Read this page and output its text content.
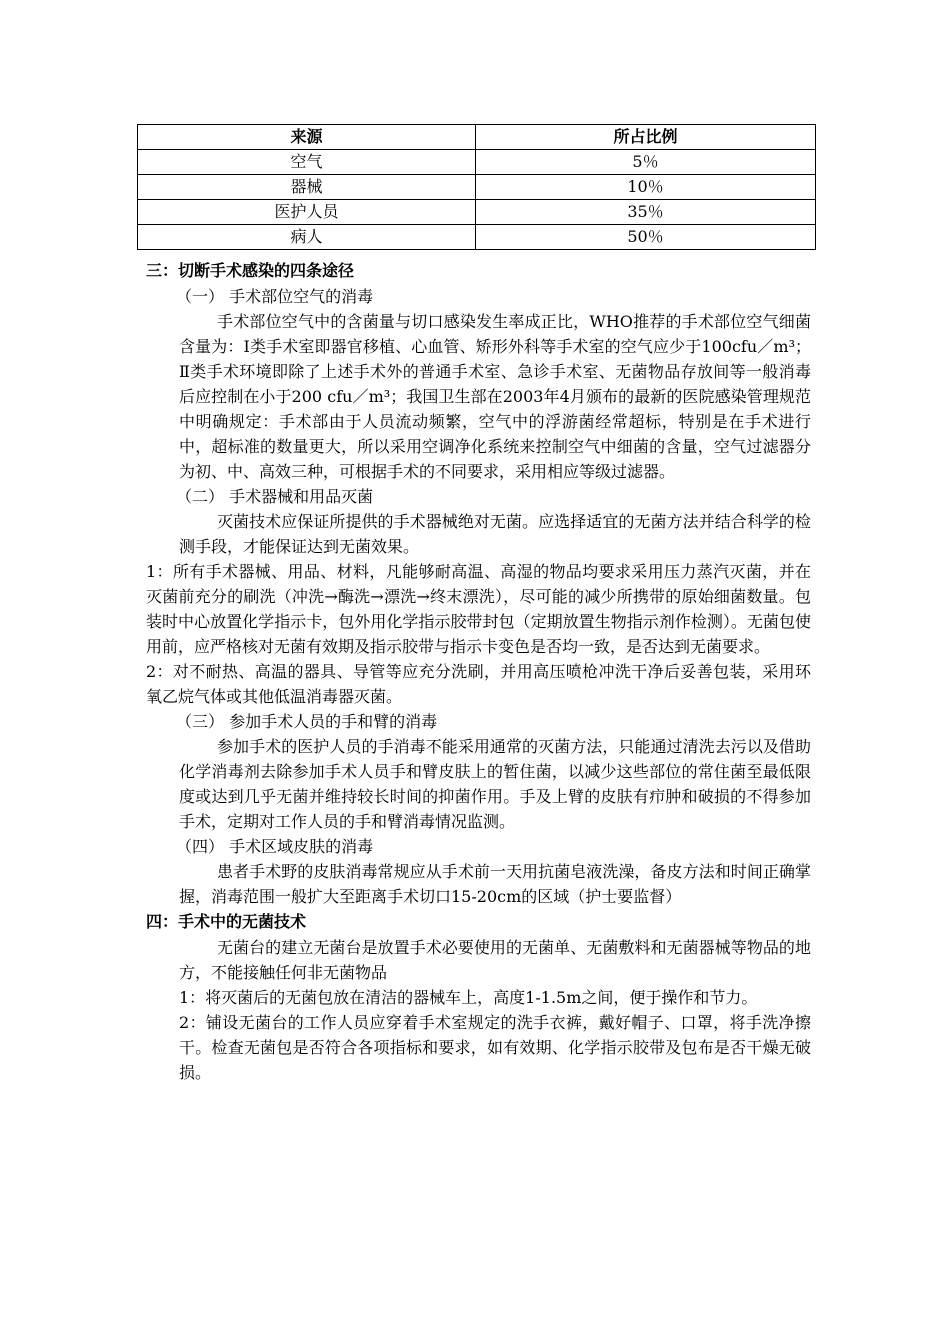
来源	所占比例
空气	5％
器械	10％
医护人员	35％
病人	50％

三：切断手术感染的四条途径

（一） 手术部位空气的消毒

手术部位空气中的含菌量与切口感染发生率成正比，WHO推荐的手术部位空气细菌含量为：Ⅰ类手术室即器官移植、心血管、矫形外科等手术室的空气应少于100cfu／m³；Ⅱ类手术环境即除了上述手术外的普通手术室、急诊手术室、无菌物品存放间等一般消毒后应控制在小于200 cfu／m³；我国卫生部在2003年4月颁布的最新的医院感染管理规范中明确规定：手术部由于人员流动频繁，空气中的浮游菌经常超标，特别是在手术进行中，超标准的数量更大，所以采用空调净化系统来控制空气中细菌的含量，空气过滤器分为初、中、高效三种，可根据手术的不同要求，采用相应等级过滤器。

（二） 手术器械和用品灭菌

灭菌技术应保证所提供的手术器械绝对无菌。应选择适宜的无菌方法并结合科学的检测手段，才能保证达到无菌效果。

1：所有手术器械、用品、材料，凡能够耐高温、高湿的物品均要求采用压力蒸汽灭菌，并在灭菌前充分的刷洗（冲洗→酶洗→漂洗→终末漂洗），尽可能的减少所携带的原始细菌数量。包装时中心放置化学指示卡，包外用化学指示胶带封包（定期放置生物指示剂作检测）。无菌包使用前，应严格核对无菌有效期及指示胶带与指示卡变色是否均一致，是否达到无菌要求。

2：对不耐热、高温的器具、导管等应充分洗刷，并用高压喷枪冲洗干净后妥善包装，采用环氧乙烷气体或其他低温消毒器灭菌。

（三） 参加手术人员的手和臂的消毒

参加手术的医护人员的手消毒不能采用通常的灭菌方法，只能通过清洗去污以及借助化学消毒剂去除参加手术人员手和臂皮肤上的暂住菌，以减少这些部位的常住菌至最低限度或达到几乎无菌并维持较长时间的抑菌作用。手及上臂的皮肤有疖肿和破损的不得参加手术，定期对工作人员的手和臂消毒情况监测。

（四） 手术区域皮肤的消毒

患者手术野的皮肤消毒常规应从手术前一天用抗菌皂液洗澡，备皮方法和时间正确掌握，消毒范围一般扩大至距离手术切口15-20cm的区域（护士要监督）

四：手术中的无菌技术

无菌台的建立无菌台是放置手术必要使用的无菌单、无菌敷料和无菌器械等物品的地方，不能接触任何非无菌物品

1：将灭菌后的无菌包放在清洁的器械车上，高度1-1.5m之间，便于操作和节力。

2：铺设无菌台的工作人员应穿着手术室规定的洗手衣裤，戴好帽子、口罩，将手洗净擦干。检查无菌包是否符合各项指标和要求，如有效期、化学指示胶带及包布是否干燥无破损。
